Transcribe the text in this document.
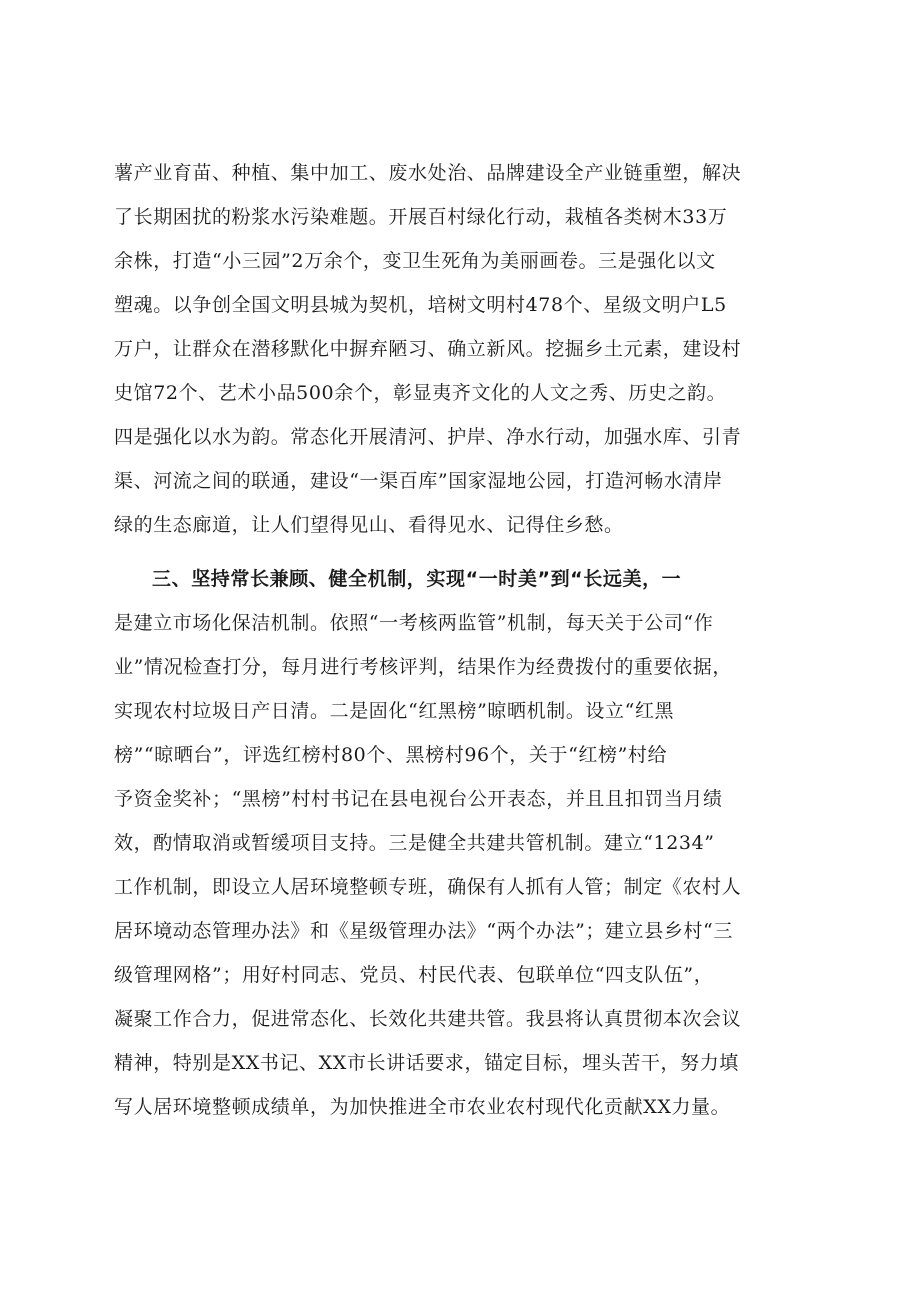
薯产业育苗、种植、集中加工、废水处治、品牌建设全产业链重塑，解决
了长期困扰的粉浆水污染难题。开展百村绿化行动，栽植各类树木33万
余株，打造“小三园”2万余个，变卫生死角为美丽画卷。三是强化以文
塑魂。以争创全国文明县城为契机，培树文明村478个、星级文明户L5
万户，让群众在潜移默化中摒弃陋习、确立新风。挖掘乡土元素，建设村
史馆72个、艺术小品500余个，彰显夷齐文化的人文之秀、历史之韵。
四是强化以水为韵。常态化开展清河、护岸、净水行动，加强水库、引青
渠、河流之间的联通，建设“一渠百库”国家湿地公园，打造河畅水清岸
绿的生态廊道，让人们望得见山、看得见水、记得住乡愁。
三、坚持常长兼顾、健全机制，实现“一时美”到“长远美，一
是建立市场化保洁机制。依照“一考核两监管”机制，每天关于公司“作
业”情况检查打分，每月进行考核评判，结果作为经费拨付的重要依据，
实现农村垃圾日产日清。二是固化“红黑榜”晾晒机制。设立“红黑
榜”“晾晒台”，评选红榜村80个、黑榜村96个，关于“红榜”村给
予资金奖补；“黑榜”村村书记在县电视台公开表态，并且且扣罚当月绩
效，酌情取消或暂缓项目支持。三是健全共建共管机制。建立“1234”
工作机制，即设立人居环境整顿专班，确保有人抓有人管；制定《农村人
居环境动态管理办法》和《星级管理办法》“两个办法”；建立县乡村“三
级管理网格”；用好村同志、党员、村民代表、包联单位“四支队伍”，
凝聚工作合力，促进常态化、长效化共建共管。我县将认真贯彻本次会议
精神，特别是XX书记、XX市长讲话要求，锚定目标，埋头苦干，努力填
写人居环境整顿成绩单，为加快推进全市农业农村现代化贡献XX力量。
